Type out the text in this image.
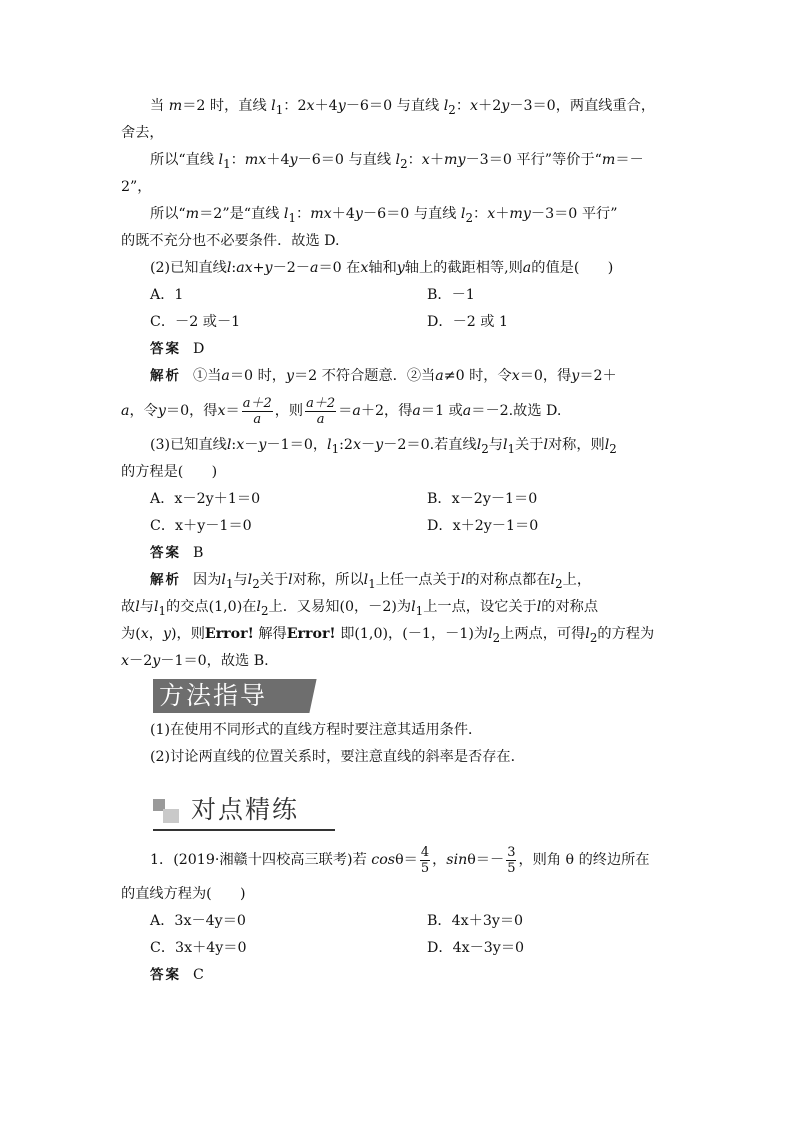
当 m＝2 时，直线 $l_1$：2x＋4y－6＝0 与直线 $l_2$：x＋2y－3＝0，两直线重合，
舍去，
所以“直线 $l_1$：mx＋4y－6＝0 与直线 $l_2$：x＋my－3＝0 平行”等价于“m＝－
2”，
所以“m＝2”是“直线 $l_1$：mx＋4y－6＝0 与直线 $l_2$：x＋my－3＝0 平行”
的既不充分也不必要条件．故选 D.
(2)已知直线l:ax+y－2－a＝0 在x轴和y轴上的截距相等,则a的值是(　　)
A．1	B．－1
C．－2 或－1	D．－2 或 1
答案 D
解析 ①当a＝0 时，y＝2 不符合题意．②当a≠0 时，令x＝0，得y＝2＋
a，令y＝0，得$x= \frac{a+2}{a}$ ，则 $\frac{a+2}{a} =a+2$，得a＝1 或a＝－2.故选 D.
(3)已知直线l:x－y－1＝0，$l_1:2x-y-2=0$.若直线$l_2$与$l_1$关于l对称，则$l_2$
的方程是(　　)
A．x－2y＋1＝0	B．x－2y－1＝0
C．x＋y－1＝0	D．x＋2y－1＝0
答案 B
解析 因为$l_1$与$l_2$关于l对称，所以$l_1$上任一点关于l的对称点都在$l_2$上，
故l与$l_1$的交点(1,0)在$l_2$上．又易知(0，－2)为$l_1$上一点，设它关于l的对称点
为(x，y)，则Error! 解得Error! 即(1,0)，(－1，－1)为$l_2$上两点，可得$l_2$的方程为
x－2y－1＝0，故选 B.
方法指导
(1)在使用不同形式的直线方程时要注意其适用条件．
(2)讨论两直线的位置关系时，要注意直线的斜率是否存在．
对点精练
1．(2019·湘赣十四校高三联考)若 $\cos\theta= \frac{4}{5}$ ，$\sin\theta=- \frac{3}{5}$ ，则角 θ 的终边所在
的直线方程为(　　)
A．3x－4y＝0	B．4x＋3y＝0
C．3x＋4y＝0	D．4x－3y＝0
答案 C
